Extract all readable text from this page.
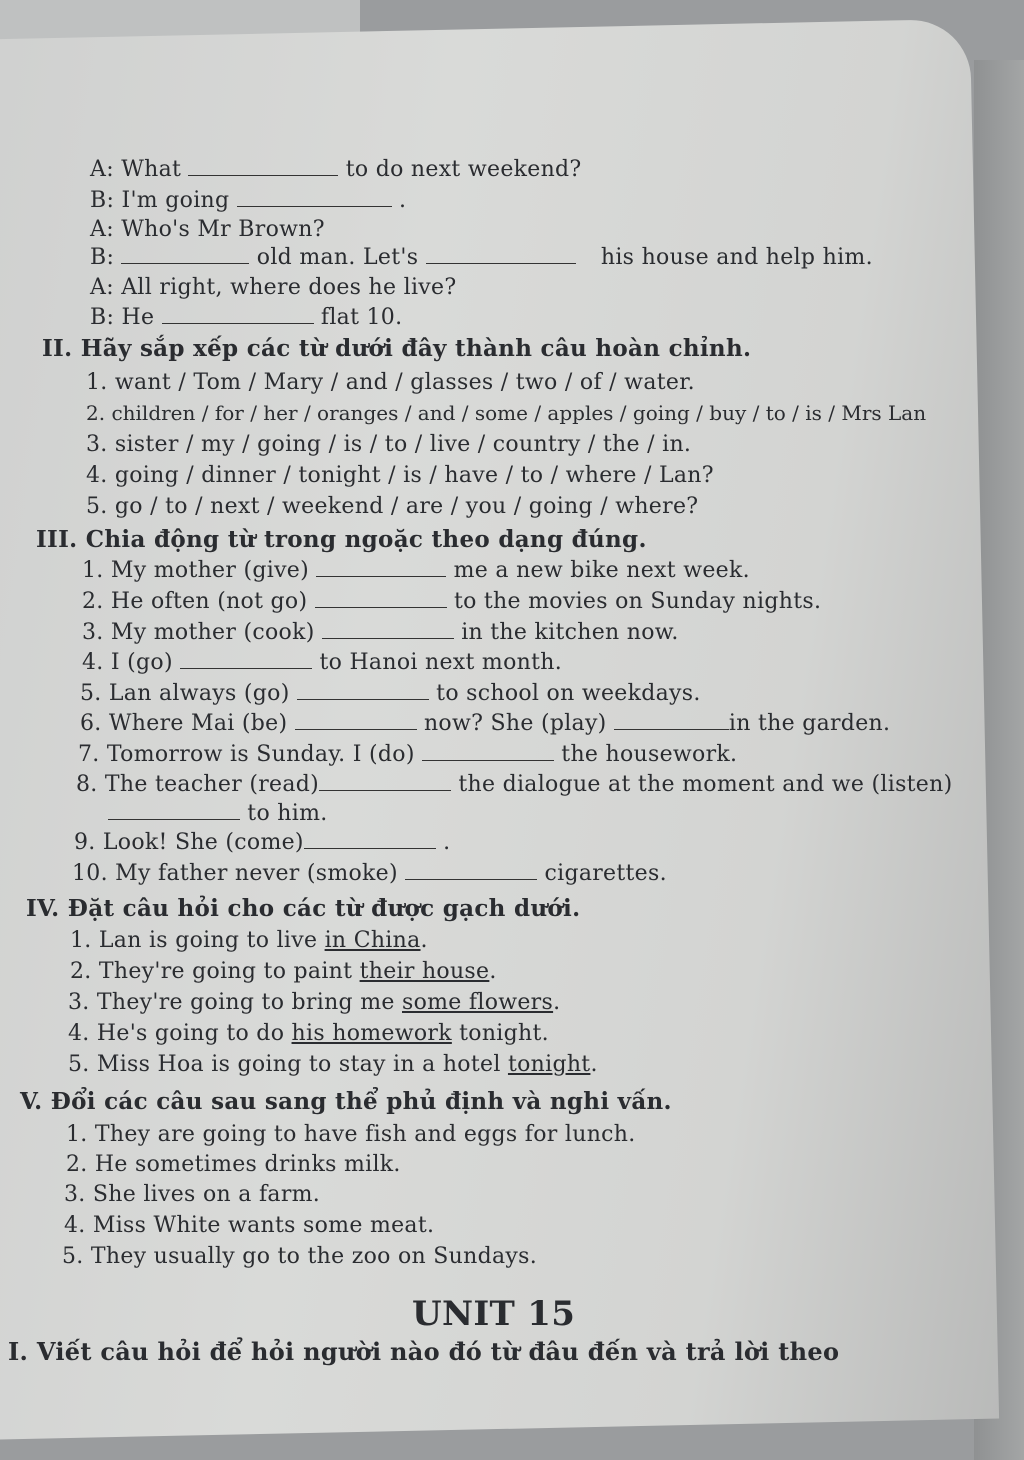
A: What	to do next weekend?
B: I'm going	.
A: Who's Mr Brown?
B:	old man. Let's	his house and help him.
A: All right, where does he live?
B: He	flat 10.
II. Hãy sắp xếp các từ dưới đây thành câu hoàn chỉnh.
1. want / Tom / Mary / and / glasses / two / of / water.
2. children / for / her / oranges / and / some / apples / going / buy / to / is / Mrs Lan
3. sister / my / going / is / to / live / country / the / in.
4. going / dinner / tonight / is / have / to / where / Lan?
5. go / to / next / weekend / are / you / going / where?
III. Chia động từ trong ngoặc theo dạng đúng.
1. My mother (give)	me a new bike next week.
2. He often (not go)	to the movies on Sunday nights.
3. My mother (cook)	in the kitchen now.
4. I (go)	to Hanoi next month.
5. Lan always (go)	to school on weekdays.
6. Where Mai (be)	now? She (play)	in the garden.
7. Tomorrow is Sunday. I (do)	the housework.
8. The teacher (read)	the dialogue at the moment and we (listen)
to him.
9. Look! She (come)	.
10. My father never (smoke)	cigarettes.
IV. Đặt câu hỏi cho các từ được gạch dưới.
1. Lan is going to live in China.
2. They're going to paint their house.
3. They're going to bring me some flowers.
4. He's going to do his homework tonight.
5. Miss Hoa is going to stay in a hotel tonight.
V. Đổi các câu sau sang thể phủ định và nghi vấn.
1. They are going to have fish and eggs for lunch.
2. He sometimes drinks milk.
3. She lives on a farm.
4. Miss White wants some meat.
5. They usually go to the zoo on Sundays.
UNIT 15
I. Viết câu hỏi để hỏi người nào đó từ đâu đến và trả lời theo
